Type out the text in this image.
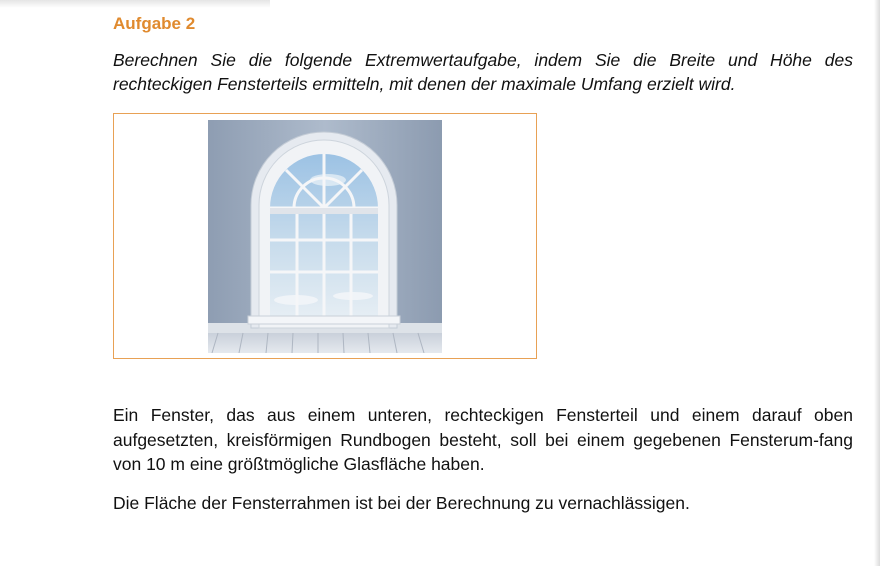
Aufgabe 2

Berechnen Sie die folgende Extremwertaufgabe, indem Sie die Breite und Höhe des rechteckigen Fensterteils ermitteln, mit denen der maximale Umfang erzielt wird.

Ein Fenster, das aus einem unteren, rechteckigen Fensterteil und einem darauf oben aufgesetzten, kreisförmigen Rundbogen besteht, soll bei einem gegebenen Fensterum-fang von 10 m eine größtmögliche Glasfläche haben.

Die Fläche der Fensterrahmen ist bei der Berechnung zu vernachlässigen.
